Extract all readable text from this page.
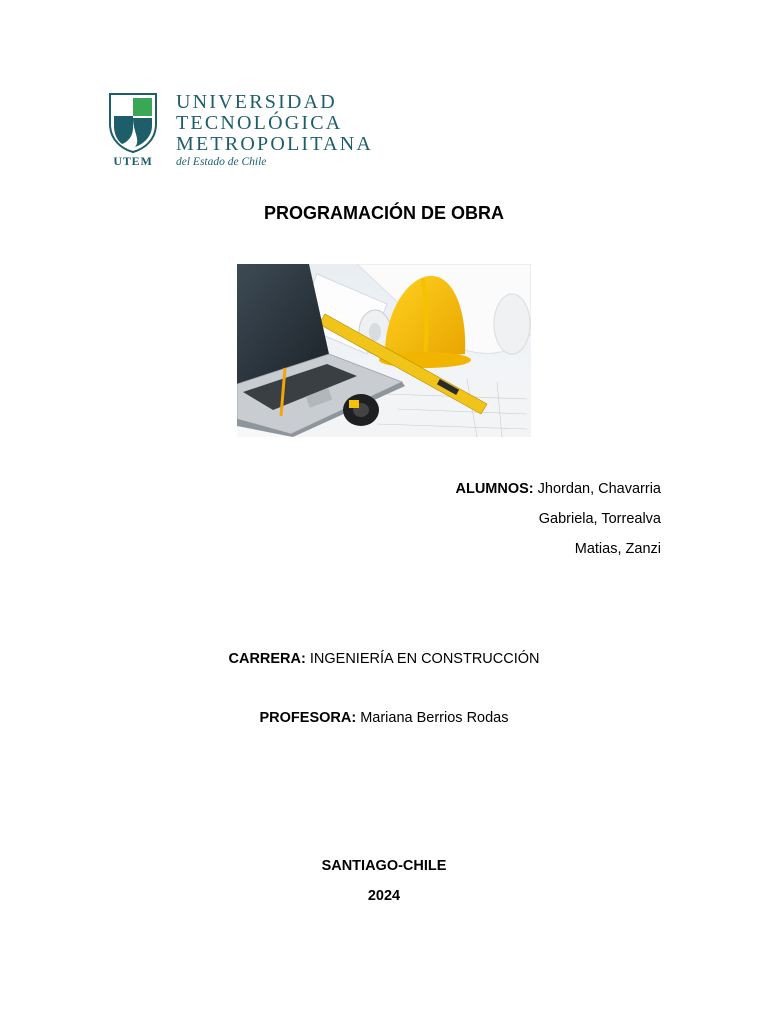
UTEM
UNIVERSIDAD
TECNOLÓGICA
METROPOLITANA
del Estado de Chile
PROGRAMACIÓN DE OBRA
ALUMNOS: Jhordan, Chavarria
Gabriela, Torrealva
Matias, Zanzi
CARRERA: INGENIERÍA EN CONSTRUCCIÓN
PROFESORA: Mariana Berrios Rodas
SANTIAGO-CHILE
2024
